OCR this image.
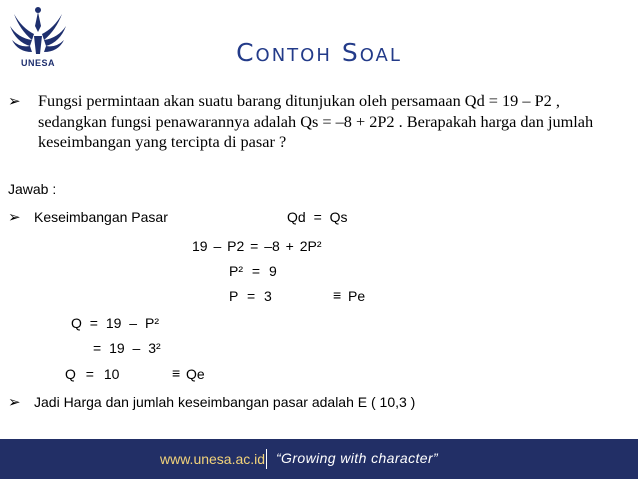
UNESA	Contoh Soal
➢ Fungsi permintaan akan suatu barang ditunjukan oleh persamaan Qd = 19 – P2 , sedangkan fungsi penawarannya adalah Qs = –8 + 2P2 . Berapakah harga dan jumlah keseimbangan yang tercipta di pasar ?
Jawab :
➢ Keseimbangan Pasar	Qd = Qs
19 – P2 = –8 + 2P²
P² = 9
P = 3	≡ Pe
Q = 19 – P²
= 19 – 3²
Q = 10	≡ Qe
➢ Jadi Harga dan jumlah keseimbangan pasar adalah E ( 10,3 )
www.unesa.ac.id “Growing with character”
